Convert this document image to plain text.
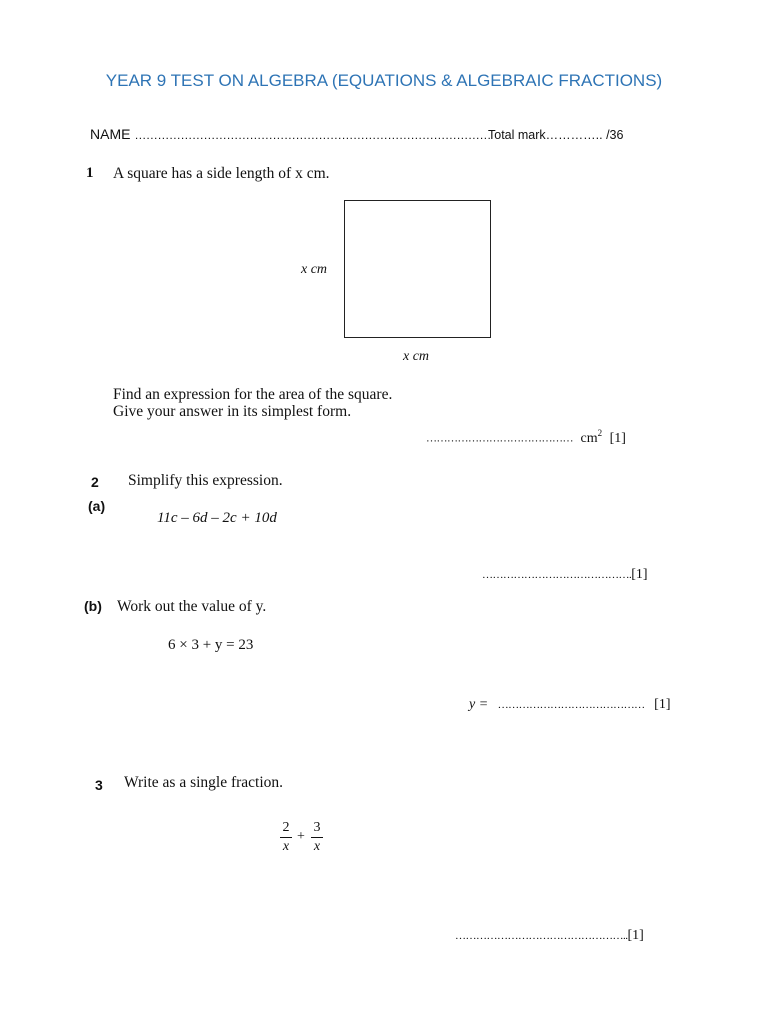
YEAR 9 TEST ON ALGEBRA (EQUATIONS & ALGEBRAIC FRACTIONS)
NAME …………………………………………………………………………………
Total mark………….. /36
1 A square has a side length of x cm.
x cm
x cm
Find an expression for the area of the square.
Give your answer in its simplest form.
…………………………………… $cm^2$ [1]
2 Simplify this expression.
(a)
11c – 6d – 2c + 10d
…………………………………….[1]
(b) Work out the value of y.
6 × 3 + y = 23
y = …………………………………… [1]
3 Write as a single fraction.
2
x
+
3
x
…………………………………………..[1]
